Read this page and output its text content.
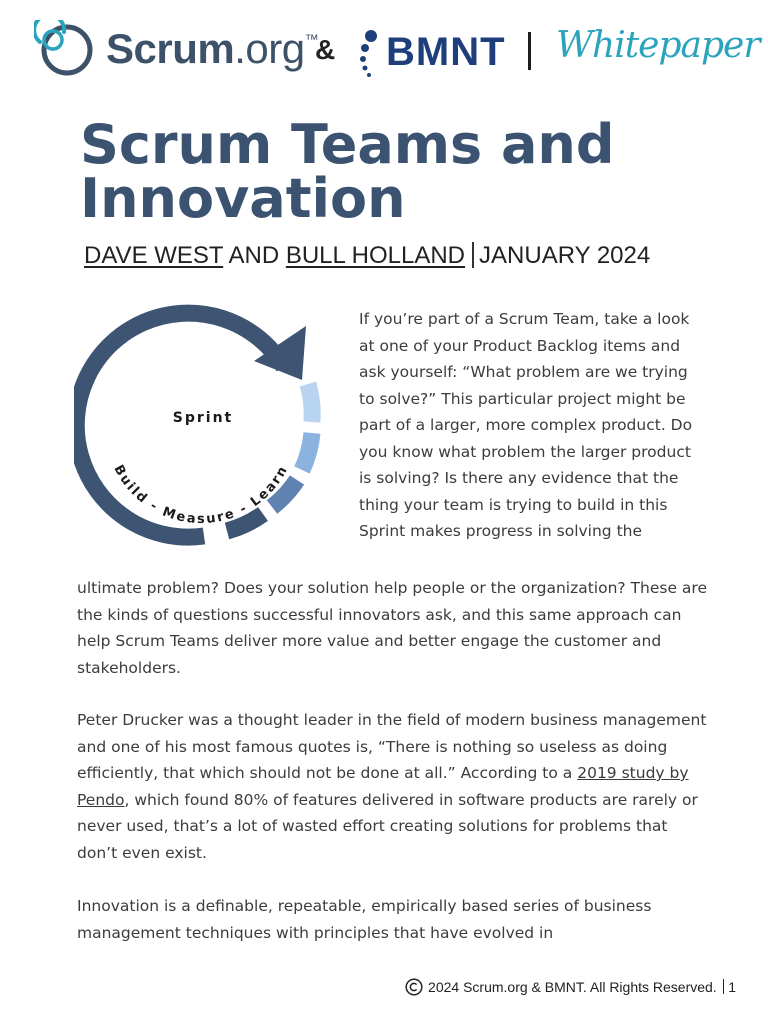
Scrum.org™
& BMNT Whitepaper
Scrum Teams and Innovation
DAVE WEST AND BULL HOLLAND JANUARY 2024
Sprint
Build - Measure - Learn

If you’re part of a Scrum Team, take a look at one of your Product Backlog items and ask yourself: “What problem are we trying to solve?” This particular project might be part of a larger, more complex product. Do you know what problem the larger product is solving? Is there any evidence that the thing your team is trying to build in this Sprint makes progress in solving the

ultimate problem? Does your solution help people or the organization? These are the kinds of questions successful innovators ask, and this same approach can help Scrum Teams deliver more value and better engage the customer and stakeholders.

Peter Drucker was a thought leader in the field of modern business management and one of his most famous quotes is, “There is nothing so useless as doing efficiently, that which should not be done at all.” According to a 2019 study by Pendo, which found 80% of features delivered in software products are rarely or never used, that’s a lot of wasted effort creating solutions for problems that don’t even exist.

Innovation is a definable, repeatable, empirically based series of business management techniques with principles that have evolved in

2024 Scrum.org & BMNT. All Rights Reserved. 1
